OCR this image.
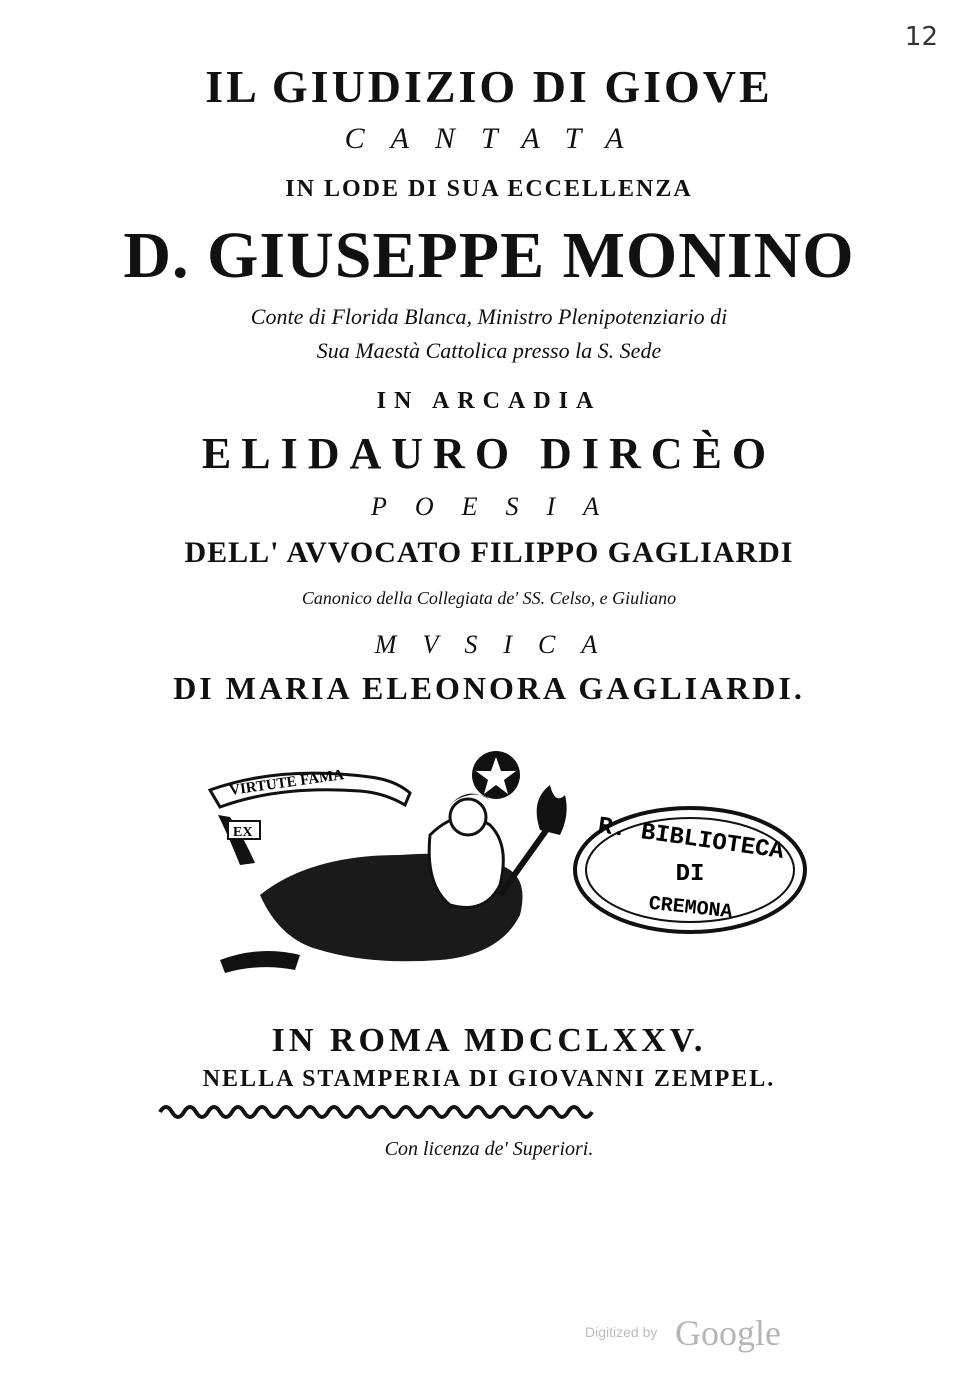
12
IL GIUDIZIO DI GIOVE
CANTATA
IN LODE DI SUA ECCELLENZA
D. GIUSEPPE MONINO
Conte di Florida Blanca, Ministro Plenipotenziario di
Sua Maestà Cattolica presso la S. Sede
IN ARCADIA
ELIDAURO DIRCÈO
POESIA
DELL' AVVOCATO FILIPPO GAGLIARDI
Canonico della Collegiata de' SS. Celso, e Giuliano
MVSICA
DI MARIA ELEONORA GAGLIARDI.
VIRTUTE FAMA
EX	R. BIBLIOTECA
DI
CREMONA
IN ROMA MDCCLXXV.
NELLA STAMPERIA DI GIOVANNI ZEMPEL.
Con licenza de' Superiori.
Digitized by Google
